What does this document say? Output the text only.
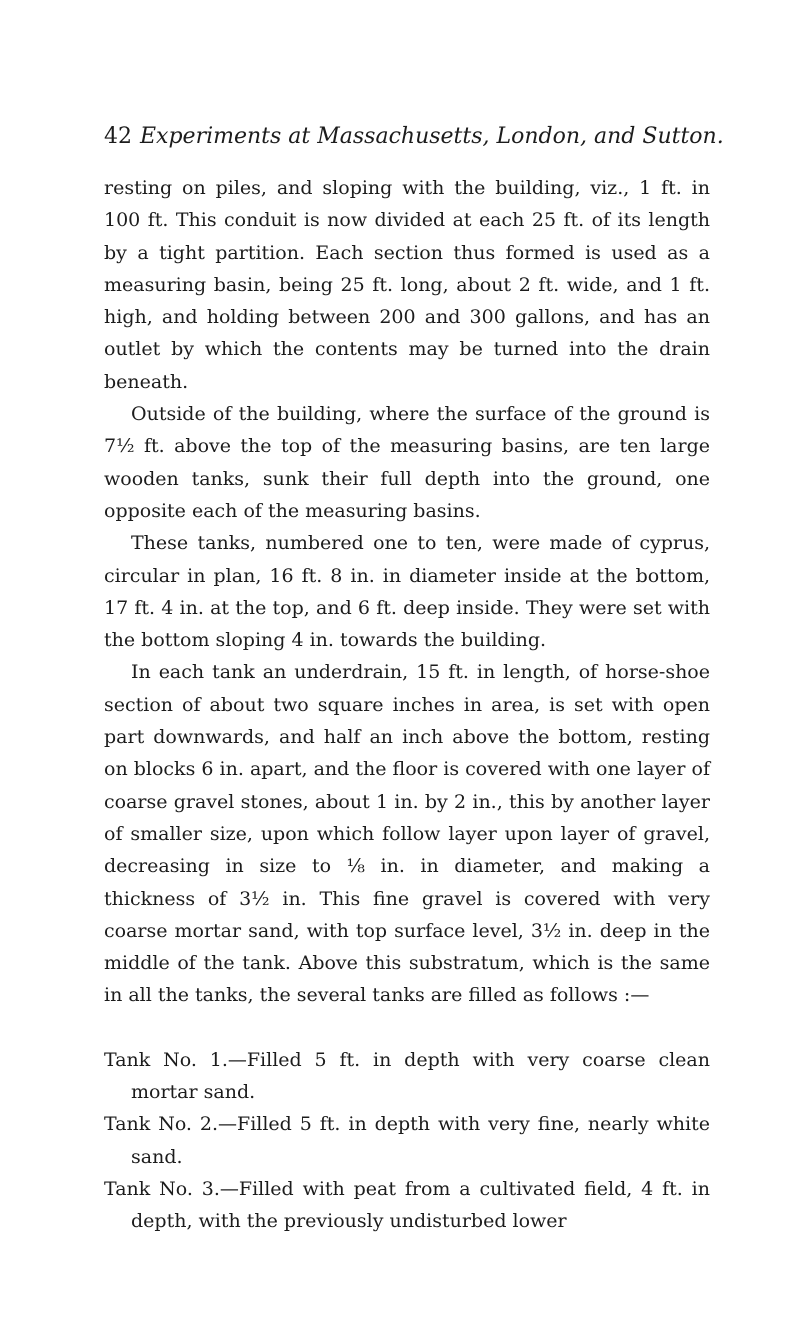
42 Experiments at Massachusetts, London, and Sutton.

resting on piles, and sloping with the building, viz., 1 ft. in 100 ft. This conduit is now divided at each 25 ft. of its length by a tight partition. Each section thus formed is used as a measuring basin, being 25 ft. long, about 2 ft. wide, and 1 ft. high, and holding between 200 and 300 gallons, and has an outlet by which the contents may be turned into the drain beneath.

Outside of the building, where the surface of the ground is 7½ ft. above the top of the measuring basins, are ten large wooden tanks, sunk their full depth into the ground, one opposite each of the measuring basins.

These tanks, numbered one to ten, were made of cyprus, circular in plan, 16 ft. 8 in. in diameter inside at the bottom, 17 ft. 4 in. at the top, and 6 ft. deep inside. They were set with the bottom sloping 4 in. towards the building.

In each tank an underdrain, 15 ft. in length, of horse-shoe section of about two square inches in area, is set with open part downwards, and half an inch above the bottom, resting on blocks 6 in. apart, and the floor is covered with one layer of coarse gravel stones, about 1 in. by 2 in., this by another layer of smaller size, upon which follow layer upon layer of gravel, decreasing in size to ⅛ in. in diameter, and making a thickness of 3½ in. This fine gravel is covered with very coarse mortar sand, with top surface level, 3½ in. deep in the middle of the tank. Above this substratum, which is the same in all the tanks, the several tanks are filled as follows :—

Tank No. 1.—Filled 5 ft. in depth with very coarse clean mortar sand.

Tank No. 2.—Filled 5 ft. in depth with very fine, nearly white sand.

Tank No. 3.—Filled with peat from a cultivated field, 4 ft. in depth, with the previously undisturbed lower
